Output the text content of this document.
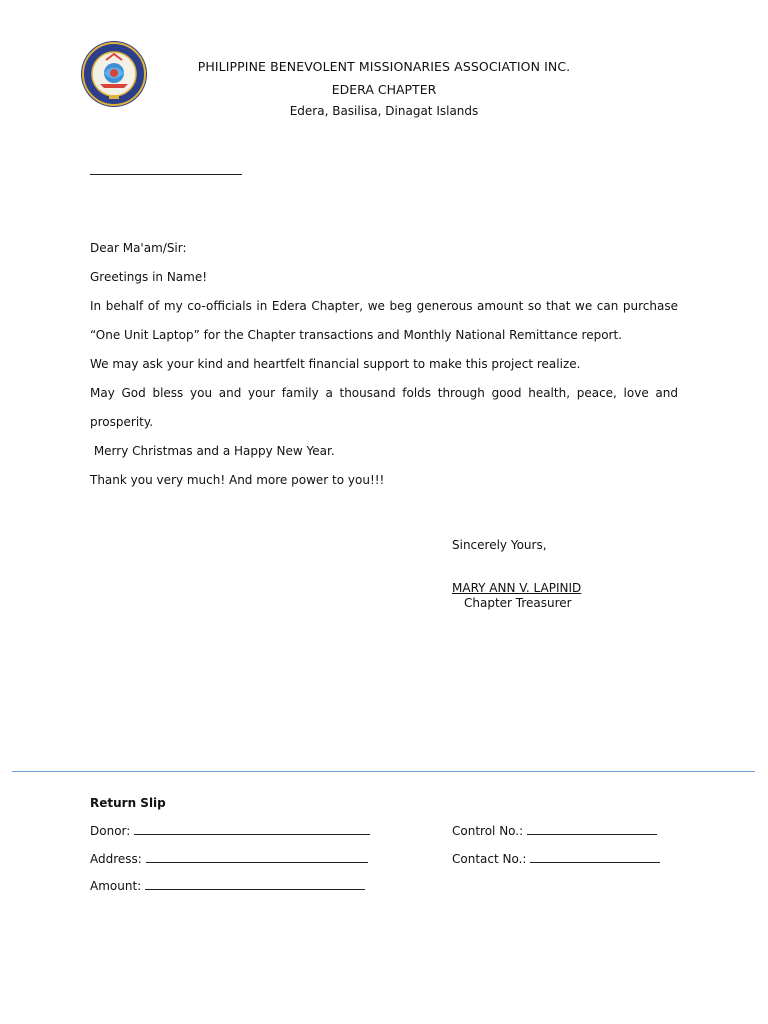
PHILIPPINE BENEVOLENT MISSIONARIES ASSOCIATION INC.
EDERA CHAPTER
Edera, Basilisa, Dinagat Islands
Dear Ma'am/Sir:
Greetings in Name!
In behalf of my co-officials in Edera Chapter, we beg generous amount so that we can purchase
“One Unit Laptop” for the Chapter transactions and Monthly National Remittance report.
We may ask your kind and heartfelt financial support to make this project realize.
May God bless you and your family a thousand folds through good health, peace, love and
prosperity.
Merry Christmas and a Happy New Year.
Thank you very much! And more power to you!!!
Sincerely Yours,
MARY ANN V. LAPINID
Chapter Treasurer
Return Slip
Donor:
Address:
Amount:
Control No.:
Contact No.:
